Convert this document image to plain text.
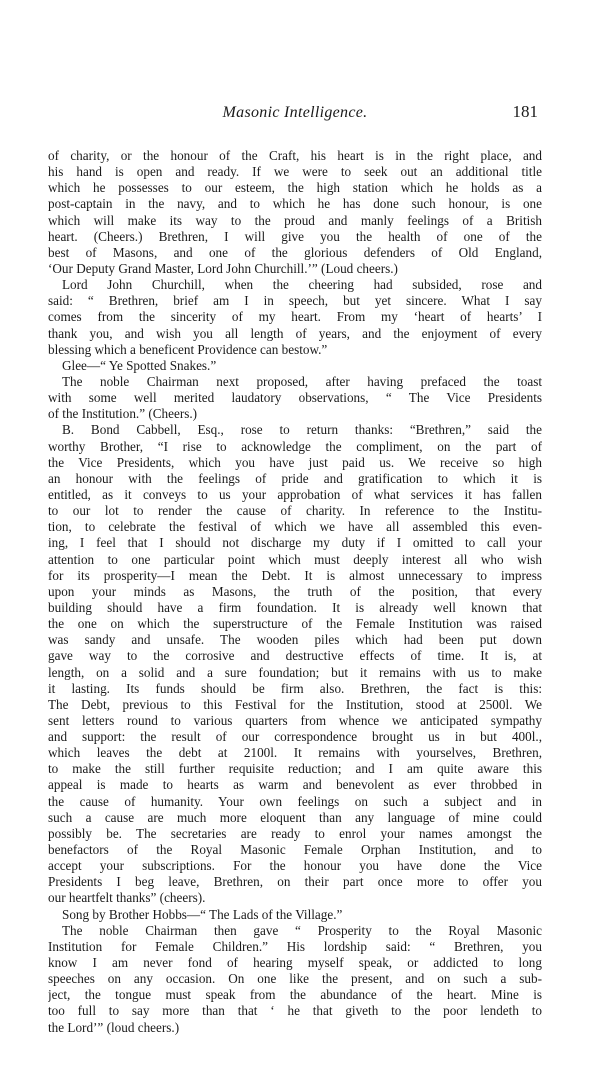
Masonic Intelligence.	181
of charity, or the honour of the Craft, his heart is in the right place, and
his hand is open and ready. If we were to seek out an additional title
which he possesses to our esteem, the high station which he holds as a
post-captain in the navy, and to which he has done such honour, is one
which will make its way to the proud and manly feelings of a British
heart. (Cheers.) Brethren, I will give you the health of one of the
best of Masons, and one of the glorious defenders of Old England,
‘Our Deputy Grand Master, Lord John Churchill.’” (Loud cheers.)
Lord John Churchill, when the cheering had subsided, rose and
said: “ Brethren, brief am I in speech, but yet sincere. What I say
comes from the sincerity of my heart. From my ‘heart of hearts’ I
thank you, and wish you all length of years, and the enjoyment of every
blessing which a beneficent Providence can bestow.”
Glee—“ Ye Spotted Snakes.”
The noble Chairman next proposed, after having prefaced the toast
with some well merited laudatory observations, “ The Vice Presidents
of the Institution.” (Cheers.)
B. Bond Cabbell, Esq., rose to return thanks: “Brethren,” said the
worthy Brother, “I rise to acknowledge the compliment, on the part of
the Vice Presidents, which you have just paid us. We receive so high
an honour with the feelings of pride and gratification to which it is
entitled, as it conveys to us your approbation of what services it has fallen
to our lot to render the cause of charity. In reference to the Institu-
tion, to celebrate the festival of which we have all assembled this even-
ing, I feel that I should not discharge my duty if I omitted to call your
attention to one particular point which must deeply interest all who wish
for its prosperity—I mean the Debt. It is almost unnecessary to impress
upon your minds as Masons, the truth of the position, that every
building should have a firm foundation. It is already well known that
the one on which the superstructure of the Female Institution was raised
was sandy and unsafe. The wooden piles which had been put down
gave way to the corrosive and destructive effects of time. It is, at
length, on a solid and a sure foundation; but it remains with us to make
it lasting. Its funds should be firm also. Brethren, the fact is this:
The Debt, previous to this Festival for the Institution, stood at 2500l. We
sent letters round to various quarters from whence we anticipated sympathy
and support: the result of our correspondence brought us in but 400l.,
which leaves the debt at 2100l. It remains with yourselves, Brethren,
to make the still further requisite reduction; and I am quite aware this
appeal is made to hearts as warm and benevolent as ever throbbed in
the cause of humanity. Your own feelings on such a subject and in
such a cause are much more eloquent than any language of mine could
possibly be. The secretaries are ready to enrol your names amongst the
benefactors of the Royal Masonic Female Orphan Institution, and to
accept your subscriptions. For the honour you have done the Vice
Presidents I beg leave, Brethren, on their part once more to offer you
our heartfelt thanks” (cheers).
Song by Brother Hobbs—“ The Lads of the Village.”
The noble Chairman then gave “ Prosperity to the Royal Masonic
Institution for Female Children.” His lordship said: “ Brethren, you
know I am never fond of hearing myself speak, or addicted to long
speeches on any occasion. On one like the present, and on such a sub-
ject, the tongue must speak from the abundance of the heart. Mine is
too full to say more than that ‘ he that giveth to the poor lendeth to
the Lord’” (loud cheers.)
